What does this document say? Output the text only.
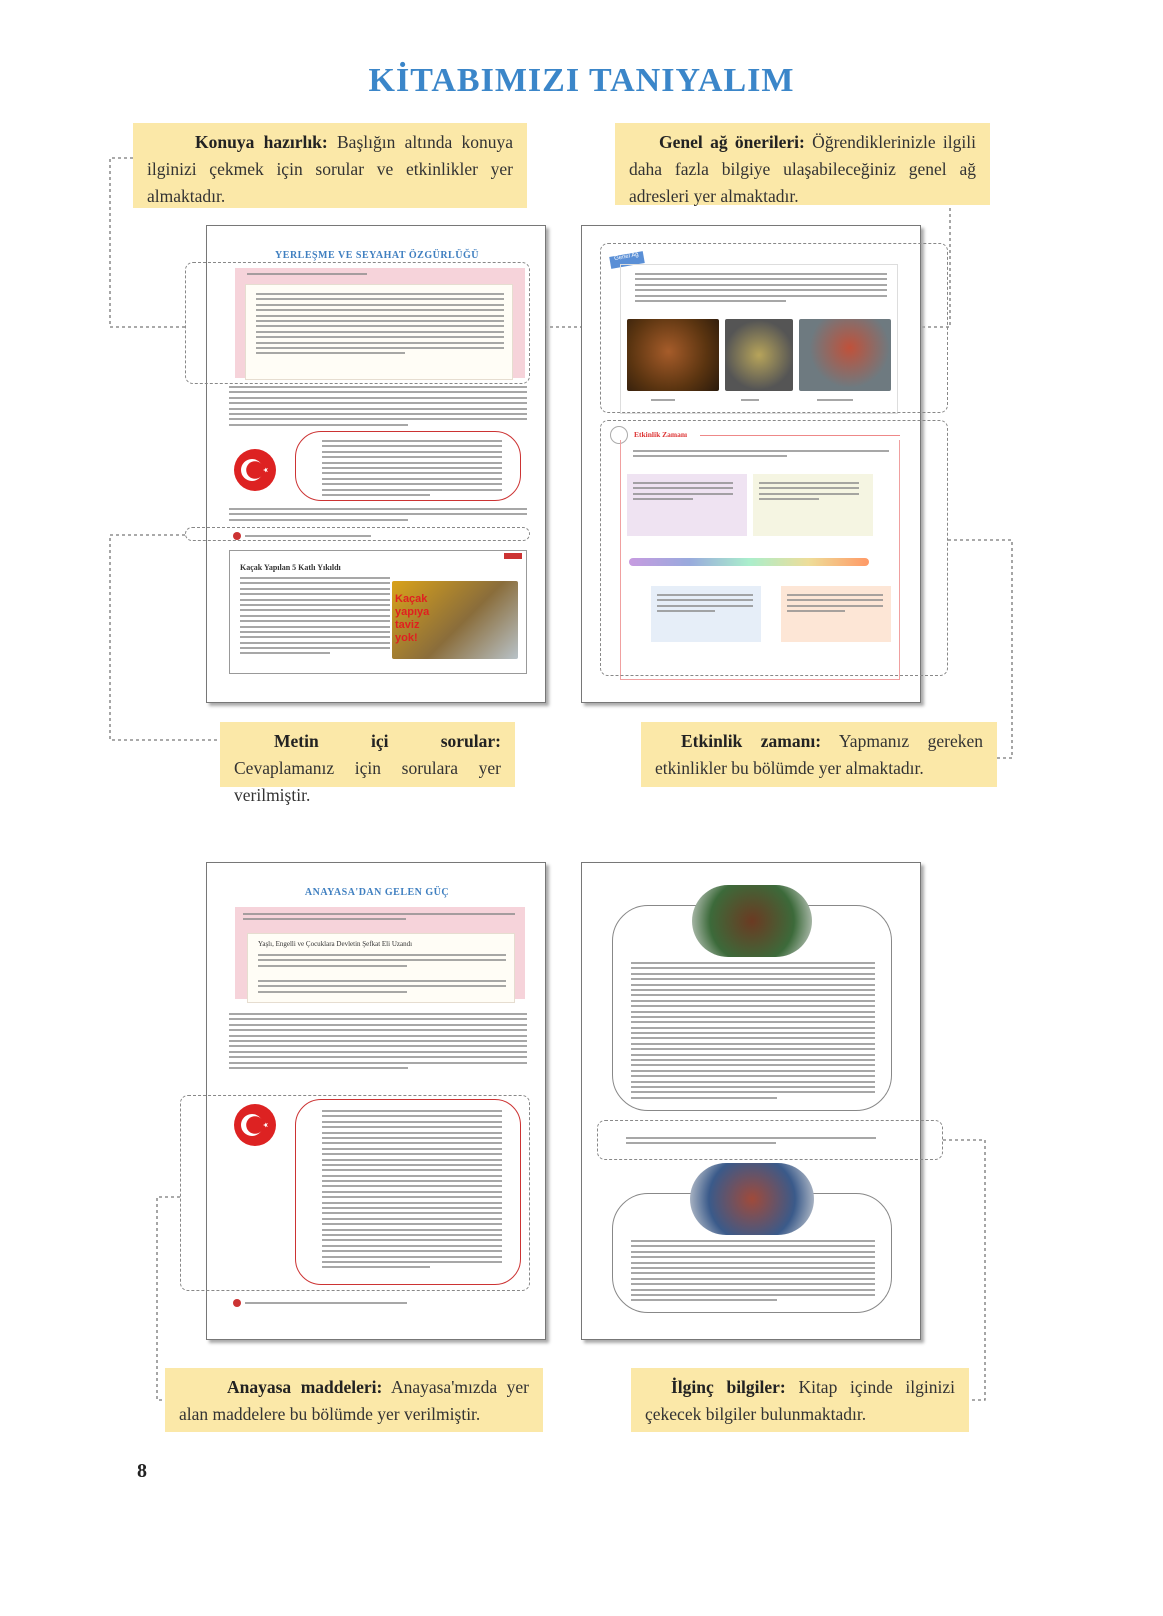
KİTABIMIZI TANIYALIM
Konuya hazırlık: Başlığın altında konuya ilginizi çekmek için sorular ve etkinlikler yer almaktadır.
Genel ağ önerileri: Öğrendiklerinizle ilgili daha fazla bilgiye ulaşabileceğiniz genel ağ adresleri yer almaktadır.
Metin içi sorular: Cevaplamanız için sorulara yer verilmiştir.
Etkinlik zamanı: Yapmanız gereken etkinlikler bu bölümde yer almaktadır.
Anayasa maddeleri: Anayasa'mızda yer alan maddelere bu bölümde yer verilmiştir.
İlginç bilgiler: Kitap içinde ilginizi çekecek bilgiler bulunmaktadır.
YERLEŞME VE SEYAHAT ÖZGÜRLÜĞÜ
Kaçak Yapılan 5 Katlı Yıkıldı
Kaçak yapıya taviz yok!
Genel Ağ
Etkinlik Zamanı
ANAYASA'DAN GELEN GÜÇ
Yaşlı, Engelli ve Çocuklara Devletin Şefkat Eli Uzandı
8
